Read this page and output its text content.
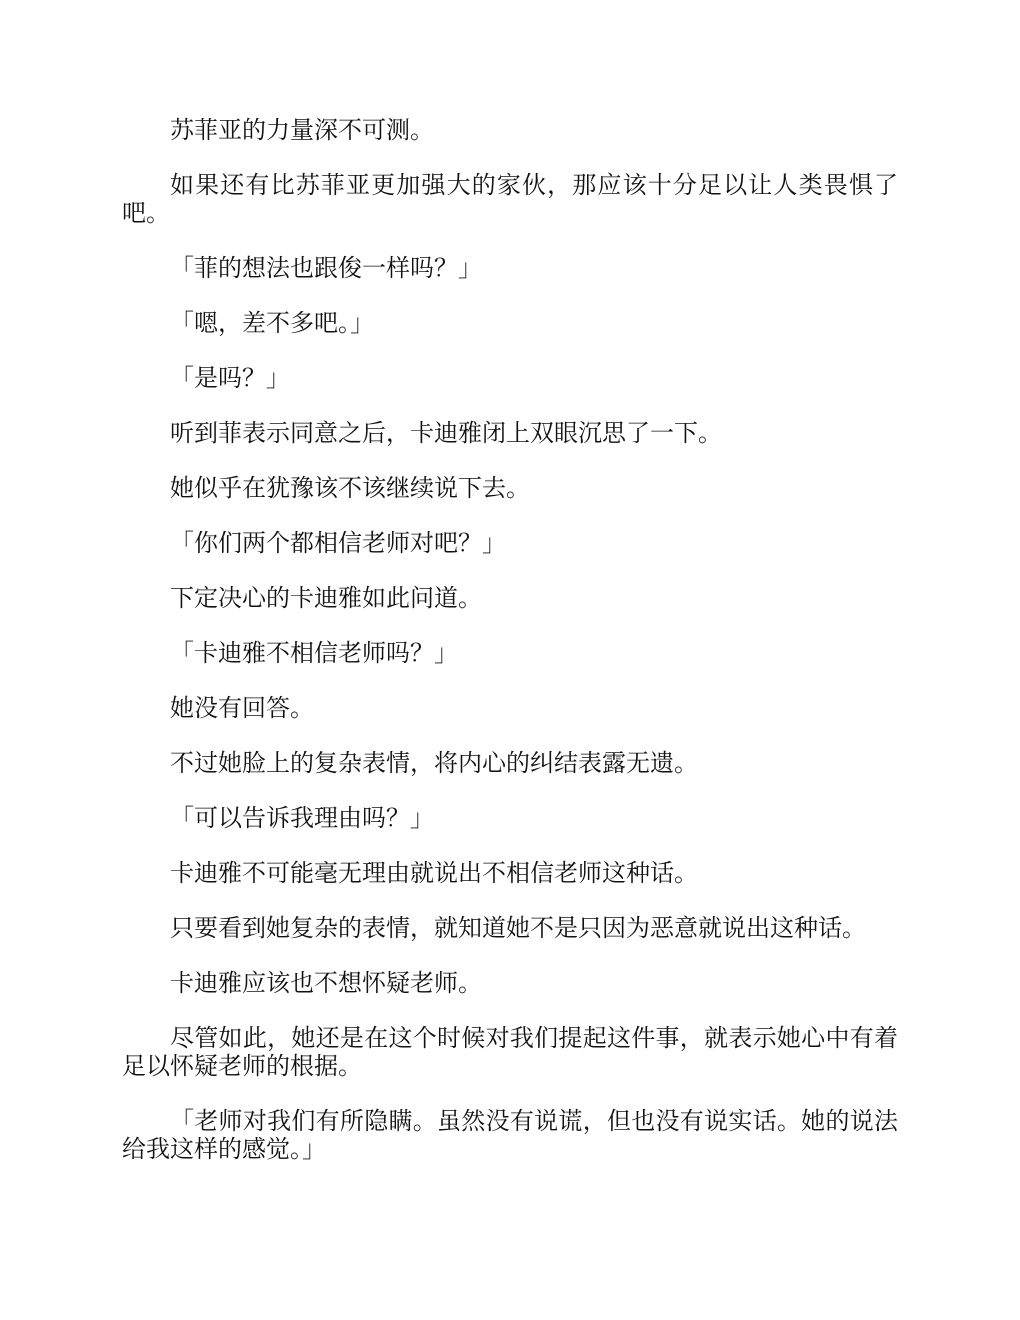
苏菲亚的力量深不可测。

如果还有比苏菲亚更加强大的家伙，那应该十分足以让人类畏惧了吧。

「菲的想法也跟俊一样吗？」

「嗯，差不多吧。」

「是吗？」

听到菲表示同意之后，卡迪雅闭上双眼沉思了一下。

她似乎在犹豫该不该继续说下去。

「你们两个都相信老师对吧？」

下定决心的卡迪雅如此问道。

「卡迪雅不相信老师吗？」

她没有回答。

不过她脸上的复杂表情，将内心的纠结表露无遗。

「可以告诉我理由吗？」

卡迪雅不可能毫无理由就说出不相信老师这种话。

只要看到她复杂的表情，就知道她不是只因为恶意就说出这种话。

卡迪雅应该也不想怀疑老师。

尽管如此，她还是在这个时候对我们提起这件事，就表示她心中有着足以怀疑老师的根据。

「老师对我们有所隐瞒。虽然没有说谎，但也没有说实话。她的说法给我这样的感觉。」
